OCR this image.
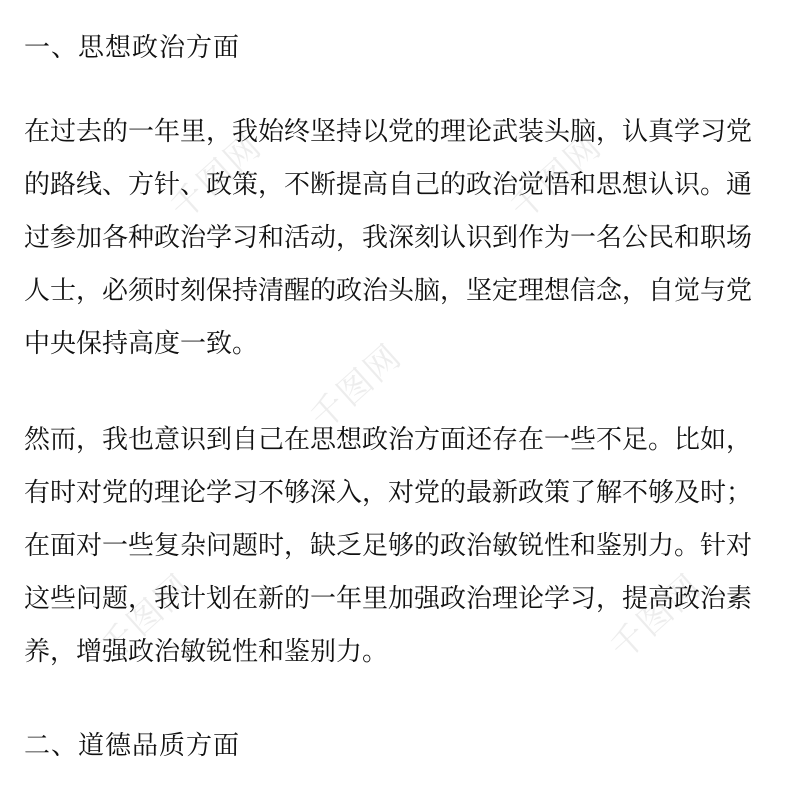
千图网	千图网
千图网
千图网	千图网
一、思想政治方面
在过去的一年里，我始终坚持以党的理论武装头脑，认真学习党
的路线、方针、政策，不断提高自己的政治觉悟和思想认识。通
过参加各种政治学习和活动，我深刻认识到作为一名公民和职场
人士，必须时刻保持清醒的政治头脑，坚定理想信念，自觉与党
中央保持高度一致。
然而，我也意识到自己在思想政治方面还存在一些不足。比如，
有时对党的理论学习不够深入，对党的最新政策了解不够及时；
在面对一些复杂问题时，缺乏足够的政治敏锐性和鉴别力。针对
这些问题，我计划在新的一年里加强政治理论学习，提高政治素
养，增强政治敏锐性和鉴别力。
二、道德品质方面
